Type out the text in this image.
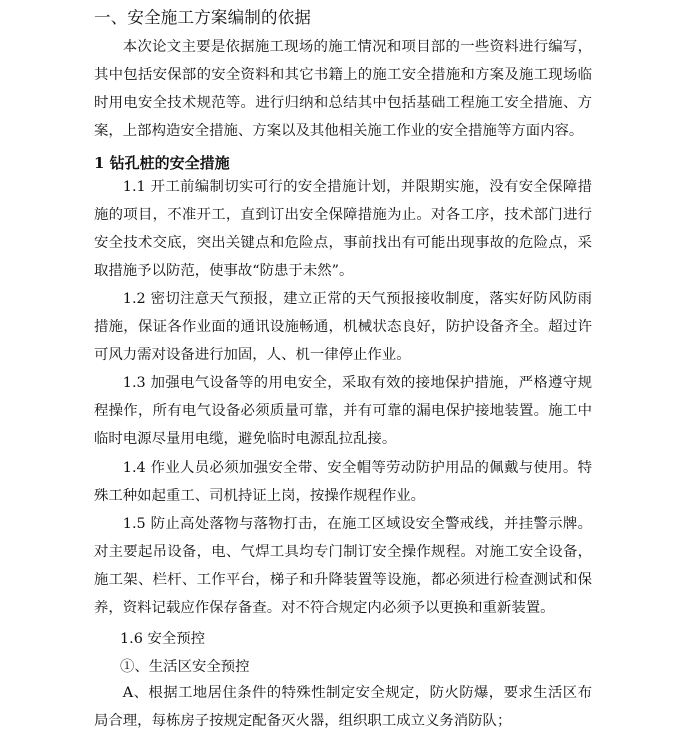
一、安全施工方案编制的依据

本次论文主要是依据施工现场的施工情况和项目部的一些资料进行编写，其中包括安保部的安全资料和其它书籍上的施工安全措施和方案及施工现场临时用电安全技术规范等。进行归纳和总结其中包括基础工程施工安全措施、方案，上部构造安全措施、方案以及其他相关施工作业的安全措施等方面内容。

1 钻孔桩的安全措施

1.1 开工前编制切实可行的安全措施计划，并限期实施，没有安全保障措施的项目，不准开工，直到订出安全保障措施为止。对各工序，技术部门进行安全技术交底，突出关键点和危险点，事前找出有可能出现事故的危险点，采取措施予以防范，使事故“防患于未然”。

1.2 密切注意天气预报，建立正常的天气预报接收制度，落实好防风防雨措施，保证各作业面的通讯设施畅通，机械状态良好，防护设备齐全。超过许可风力需对设备进行加固，人、机一律停止作业。

1.3 加强电气设备等的用电安全，采取有效的接地保护措施，严格遵守规程操作，所有电气设备必须质量可靠，并有可靠的漏电保护接地装置。施工中临时电源尽量用电缆，避免临时电源乱拉乱接。

1.4 作业人员必须加强安全带、安全帽等劳动防护用品的佩戴与使用。特殊工种如起重工、司机持证上岗，按操作规程作业。

1.5 防止高处落物与落物打击，在施工区域设安全警戒线，并挂警示牌。对主要起吊设备，电、气焊工具均专门制订安全操作规程。对施工安全设备，施工架、栏杆、工作平台，梯子和升降装置等设施，都必须进行检查测试和保养，资料记载应作保存备查。对不符合规定内必须予以更换和重新装置。

1.6 安全预控
①、生活区安全预控

A、根据工地居住条件的特殊性制定安全规定，防火防爆，要求生活区布局合理，每栋房子按规定配备灭火器，组织职工成立义务消防队；
